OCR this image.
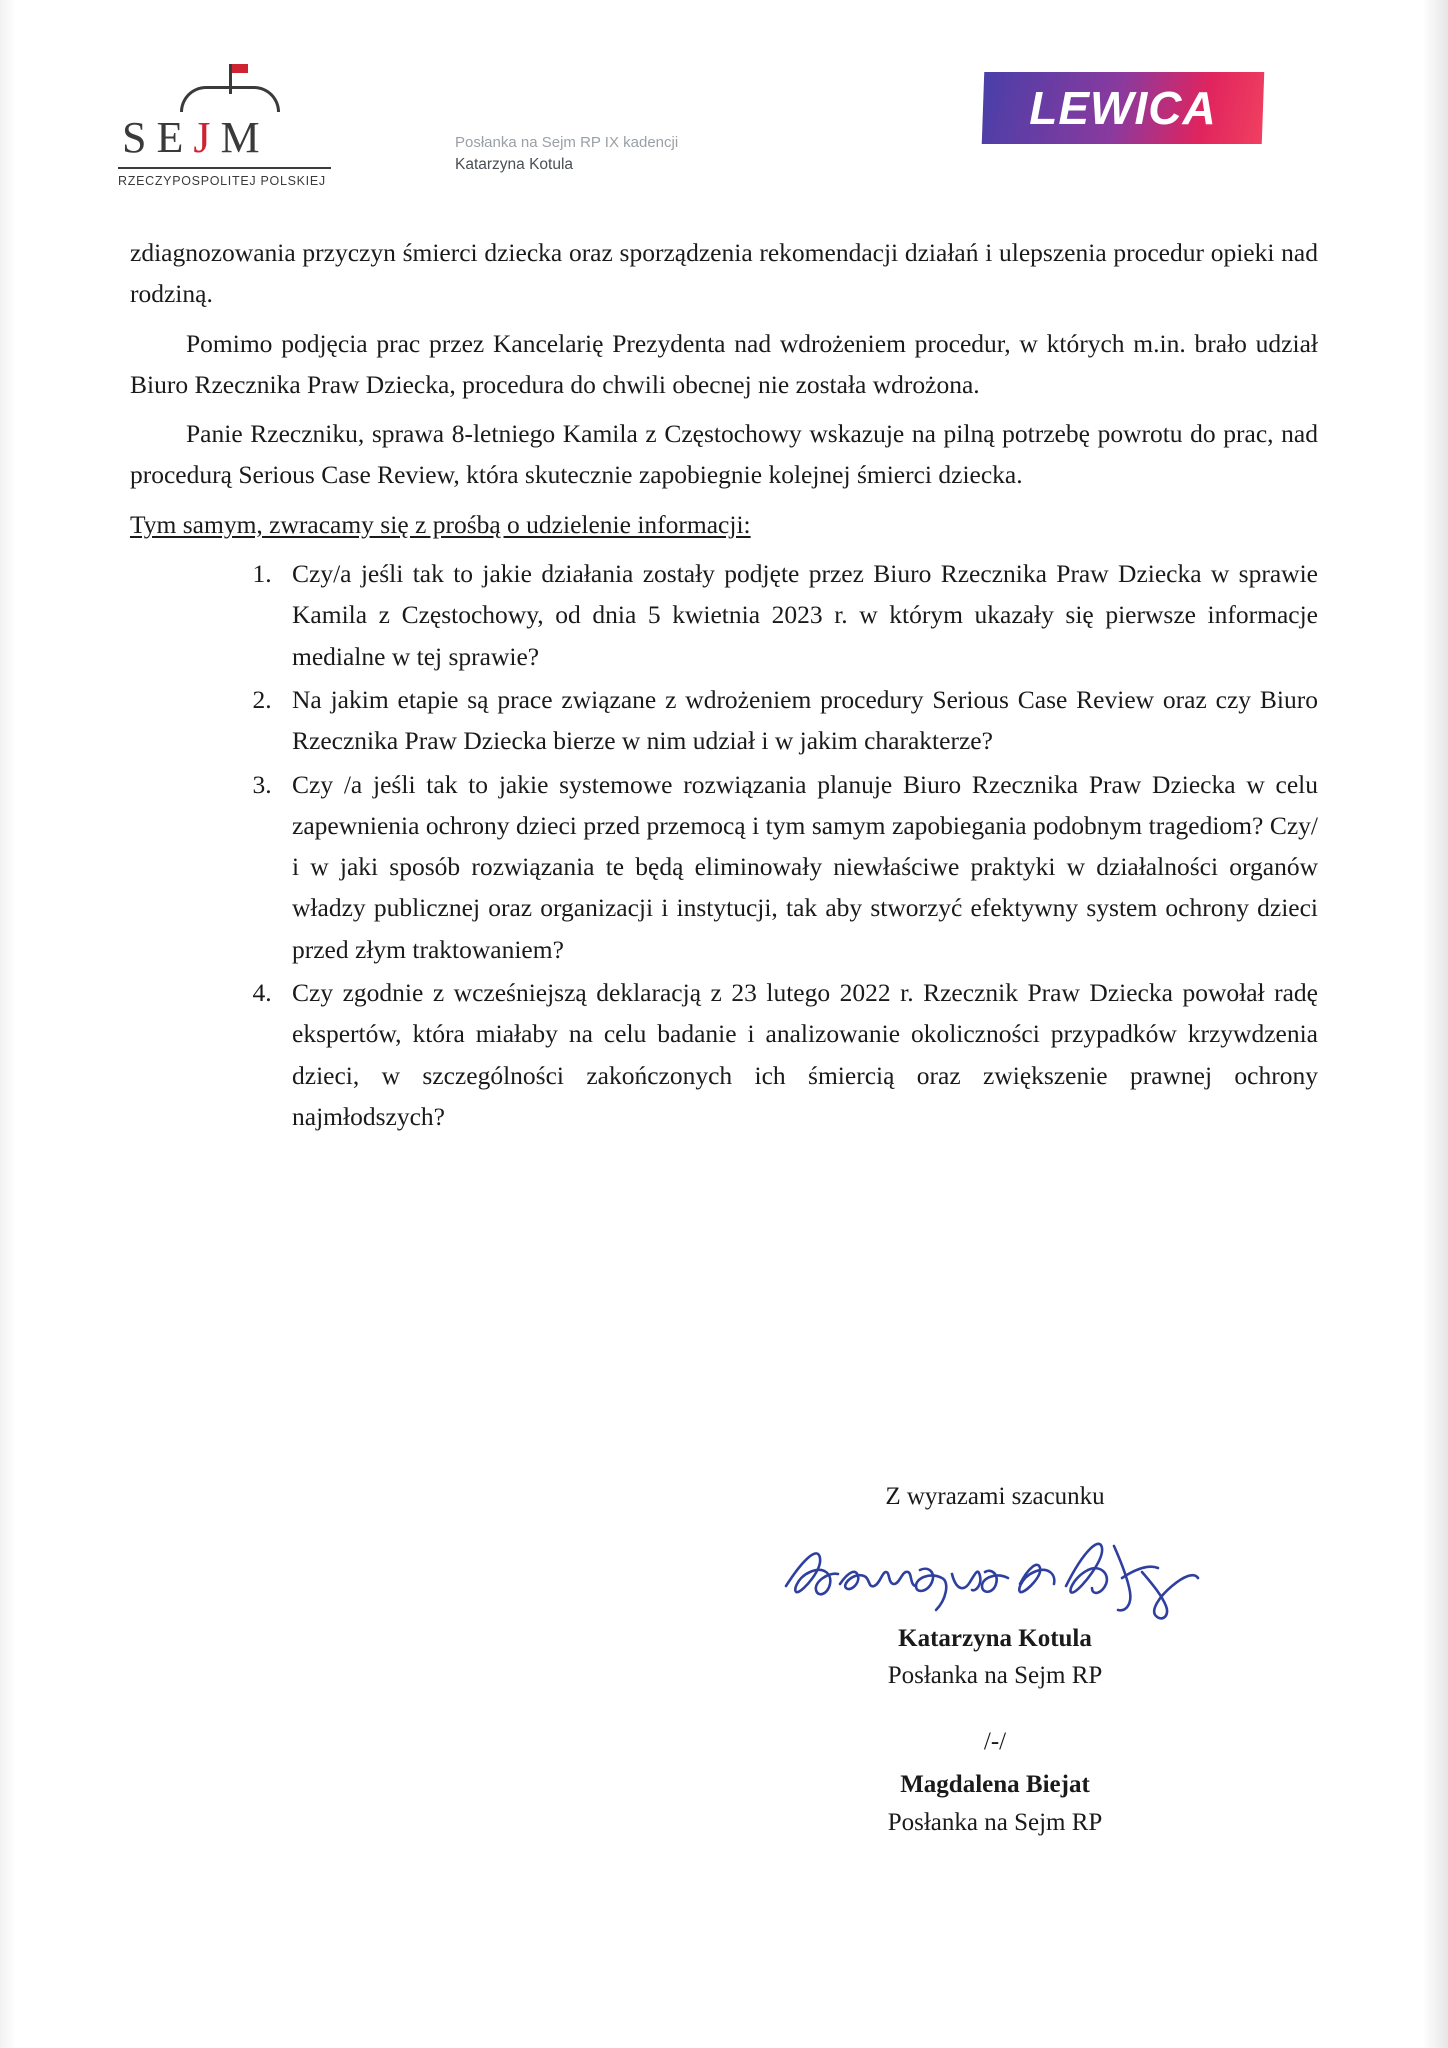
SEJM
RZECZYPOSPOLITEJ POLSKIEJ
Posłanka na Sejm RP IX kadencji
Katarzyna Kotula
LEWICA

zdiagnozowania przyczyn śmierci dziecka oraz sporządzenia rekomendacji działań i ulepszenia procedur opieki nad rodziną.

Pomimo podjęcia prac przez Kancelarię Prezydenta nad wdrożeniem procedur, w których m.in. brało udział Biuro Rzecznika Praw Dziecka, procedura do chwili obecnej nie została wdrożona.

Panie Rzeczniku, sprawa 8-letniego Kamila z Częstochowy wskazuje na pilną potrzebę powrotu do prac, nad procedurą Serious Case Review, która skutecznie zapobiegnie kolejnej śmierci dziecka.

Tym samym, zwracamy się z prośbą o udzielenie informacji:

1. Czy/a jeśli tak to jakie działania zostały podjęte przez Biuro Rzecznika Praw Dziecka w sprawie Kamila z Częstochowy, od dnia 5 kwietnia 2023 r. w którym ukazały się pierwsze informacje medialne w tej sprawie?
2. Na jakim etapie są prace związane z wdrożeniem procedury Serious Case Review oraz czy Biuro Rzecznika Praw Dziecka bierze w nim udział i w jakim charakterze?
3. Czy /a jeśli tak to jakie systemowe rozwiązania planuje Biuro Rzecznika Praw Dziecka w celu zapewnienia ochrony dzieci przed przemocą i tym samym zapobiegania podobnym tragediom? Czy/ i w jaki sposób rozwiązania te będą eliminowały niewłaściwe praktyki w działalności organów władzy publicznej oraz organizacji i instytucji, tak aby stworzyć efektywny system ochrony dzieci przed złym traktowaniem?
4. Czy zgodnie z wcześniejszą deklaracją z 23 lutego 2022 r. Rzecznik Praw Dziecka powołał radę ekspertów, która miałaby na celu badanie i analizowanie okoliczności przypadków krzywdzenia dzieci, w szczególności zakończonych ich śmiercią oraz zwiększenie prawnej ochrony najmłodszych?
Z wyrazami szacunku
Katarzyna Kotula
Posłanka na Sejm RP
/-/
Magdalena Biejat
Posłanka na Sejm RP
